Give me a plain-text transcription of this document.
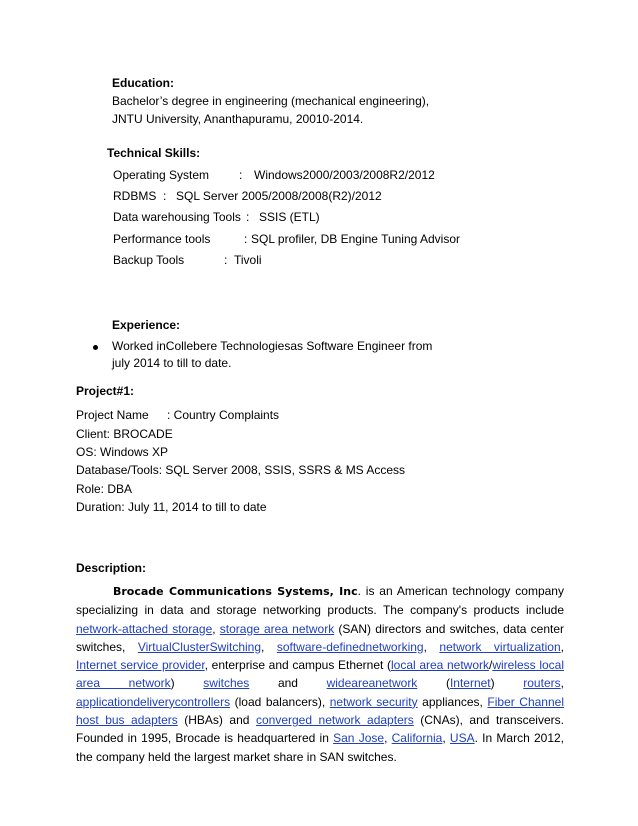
Education:
Bachelor’s degree in engineering (mechanical engineering),
JNTU University, Ananthapuramu, 20010-2014.
Technical Skills:
Operating System : Windows2000/2003/2008R2/2012
RDBMS : SQL Server 2005/2008/2008(R2)/2012
Data warehousing Tools : SSIS (ETL)
Performance tools	: SQL profiler, DB Engine Tuning Advisor
Backup Tools	: Tivoli
Experience:
Worked inCollebere Technologiesas Software Engineer from
july 2014 to till to date.
Project#1:
Project Name : Country Complaints
Client: BROCADE
OS: Windows XP
Database/Tools: SQL Server 2008, SSIS, SSRS & MS Access
Role: DBA
Duration: July 11, 2014 to till to date
Description:
Brocade Communications Systems, Inc. is an American technology company specializing in data and storage networking products. The company's products include network-attached storage, storage area network (SAN) directors and switches, data center switches, VirtualClusterSwitching, software-definednetworking, network virtualization, Internet service provider, enterprise and campus Ethernet (local area network/wireless local area network) switches and wideareanetwork (Internet) routers, applicationdeliverycontrollers (load balancers), network security appliances, Fiber Channel host bus adapters (HBAs) and converged network adapters (CNAs), and transceivers. Founded in 1995, Brocade is headquartered in San Jose, California, USA. In March 2012, the company held the largest market share in SAN switches.
